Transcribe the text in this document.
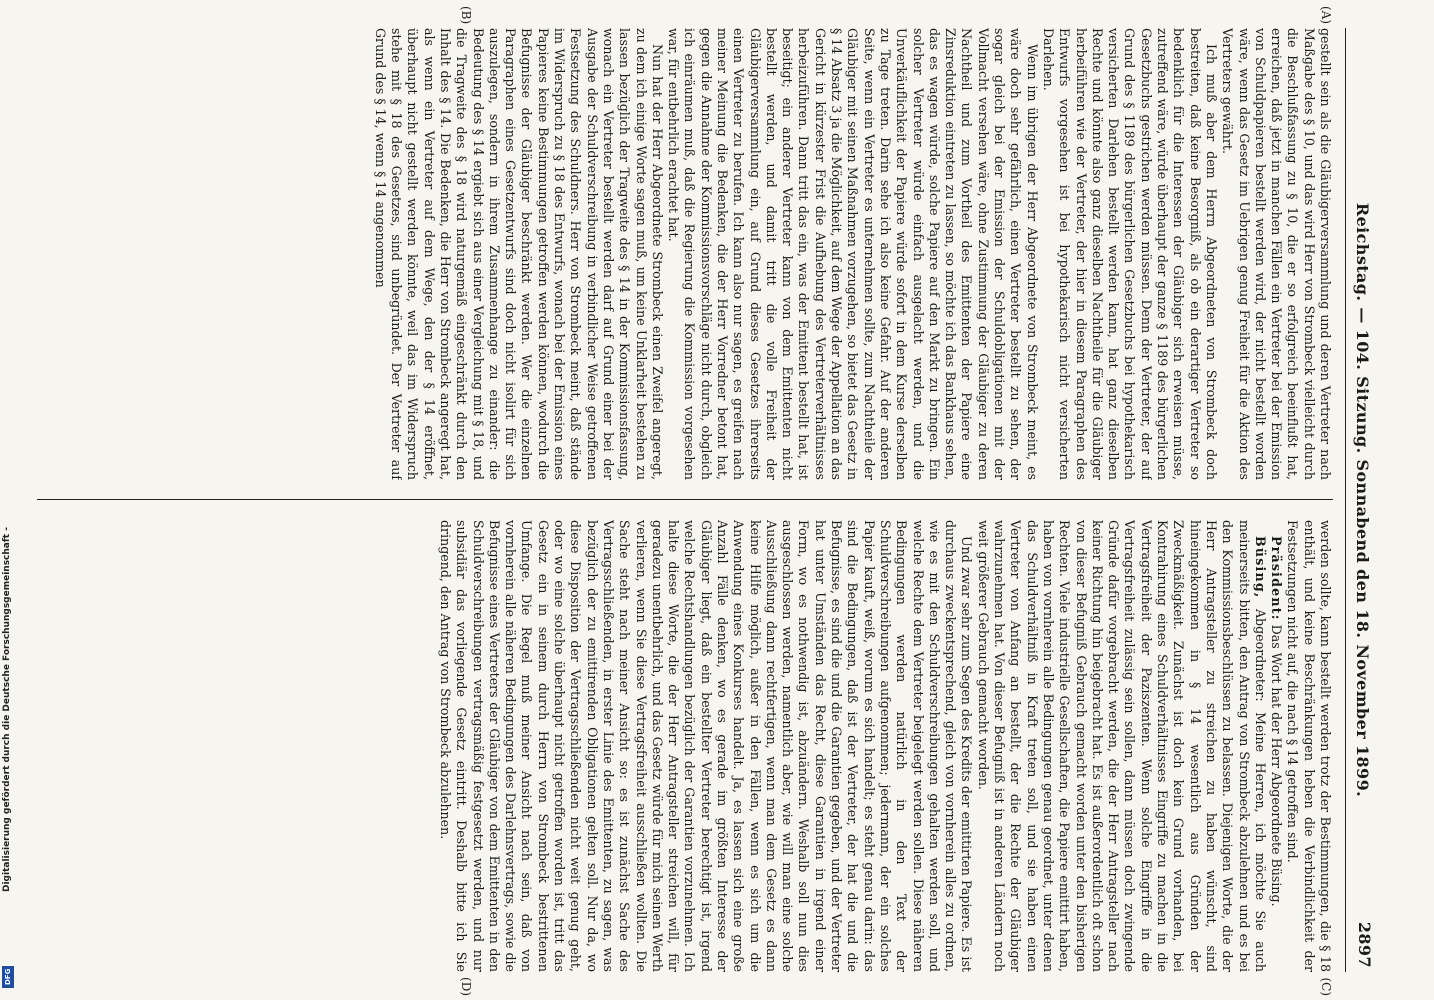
Reichstag. — 104. Sitzung. Sonnabend den 18. November 1899.
2897
(A)
(B)
(C)
(D)

gestellt sein als die Gläubigerversammlung und deren Vertreter nach Maßgabe des § 10, und das wird Herr von Strombeck vielleicht durch die Beschlußfassung zu § 10, die er so erfolgreich beeinflußt hat, erreichen, daß jetzt in manchen Fällen ein Vertreter bei der Emission von Schuldpapieren bestellt werden wird, der nicht bestellt worden wäre, wenn das Gesetz im Uebrigen genug Freiheit für die Aktion des Vertreters gewährt.

Ich muß aber dem Herrn Abgeordneten von Strombeck doch bestreiten, daß keine Besorgniß, als ob ein derartiger Vertreter so bedenklich für die Interessen der Gläubiger sich erweisen müsse, zutreffend wäre, würde überhaupt der ganze § 1189 des bürgerlichen Gesetzbuchs gestrichen werden müssen. Denn der Vertreter, der auf Grund des § 1189 des bürgerlichen Gesetzbuchs bei hypothekarisch versicherten Darlehen bestellt werden kann, hat ganz dieselben Rechte und könnte also ganz dieselben Nachtheile für die Gläubiger herbeiführen wie der Vertreter, der hier in diesem Paragraphen des Entwurfs vorgesehen ist bei hypothekarisch nicht versicherten Darlehen.

Wenn im übrigen der Herr Abgeordnete von Strombeck meint, es wäre doch sehr gefährlich, einen Vertreter bestellt zu sehen, der sogar gleich bei der Emission der Schuldobligationen mit der Vollmacht versehen wäre, ohne Zustimmung der Gläubiger zu deren Nachtheil und zum Vortheil des Emittenten der Papiere eine Zinsreduktion eintreten zu lassen, so möchte ich das Bankhaus sehen, das es wagen würde, solche Papiere auf den Markt zu bringen. Ein solcher Vertreter würde einfach ausgelacht werden, und die Unverkäuflichkeit der Papiere würde sofort in dem Kurse derselben zu Tage treten. Darin sehe ich also keine Gefahr. Auf der anderen Seite, wenn ein Vertreter es unternehmen sollte, zum Nachtheile der Gläubiger mit seinen Maßnahmen vorzugehen, so bietet das Gesetz in § 14 Absatz 3 ja die Möglichkeit, auf dem Wege der Appellation an das Gericht in kürzester Frist die Aufhebung des Vertreterverhältnisses herbeizuführen. Dann tritt das ein, was der Emittent bestellt hat, ist beseitigt; ein anderer Vertreter kann von dem Emittenten nicht bestellt werden, und damit tritt die volle Freiheit der Gläubigerversammlung ein, auf Grund dieses Gesetzes ihrerseits einen Vertreter zu berufen. Ich kann also nur sagen, es greifen nach meiner Meinung die Bedenken, die der Herr Vorredner betont hat, gegen die Annahme der Kommissionsvorschläge nicht durch, obgleich ich einräumen muß, daß die Regierung die Kommission vorgesehen war, für entbehrlich erachtet hat.

Nun hat der Herr Abgeordnete Strombeck einen Zweifel angeregt, zu dem ich einige Worte sagen muß, um keine Unklarheit bestehen zu lassen bezüglich der Tragweite des § 14 in der Kommissionsfassung, wonach ein Vertreter bestellt werden darf auf Grund einer bei der Ausgabe der Schuldverschreibung in verbindlicher Weise getroffenen Festsetzung des Schuldners. Herr von Strombeck meint, daß stände im Widerspruch zu § 18 des Entwurfs, wonach bei der Emission eines Papieres keine Bestimmungen getroffen werden können, wodurch die Befugnisse der Gläubiger beschränkt werden. Wer die einzelnen Paragraphen eines Gesetzentwurfs sind doch nicht isolirt für sich auszulegen, sondern in ihrem Zusammenhange zu einander: die Bedeutung des § 14 ergiebt sich aus einer Vergleichung mit § 18, und die Tragweite des § 18 wird naturgemäß eingeschränkt durch den Inhalt des § 14. Die Bedenken, die Herr von Strombeck angeregt hat, als wenn ein Vertreter auf dem Wege, den der § 14 eröffnet, überhaupt nicht gestellt werden könnte, weil das im Widerspruch stehe mit § 18 des Gesetzes, sind unbegründet. Der Vertreter auf Grund des § 14, wenn § 14 angenommen

werden sollte, kann bestellt werden trotz der Bestimmungen, die § 18 enthält, und keine Beschränkungen heben die Verbindlichkeit der Festsetzungen nicht auf, die nach § 14 getroffen sind.

Präsident: Das Wort hat der Herr Abgeordnete Büsing.

Büsing, Abgeordneter: Meine Herren, ich möchte Sie auch meinerseits bitten, den Antrag von Strombeck abzulehnen und es bei den Kommissionsbeschlüssen zu belassen. Diejenigen Worte, die der Herr Antragsteller zu streichen zu haben wünscht, sind hineingekommen in § 14 wesentlich aus Gründen der Zweckmäßigkeit. Zunächst ist doch kein Grund vorhanden, bei Kontrahirung eines Schuldverhältnisses Eingriffe zu machen in die Vertragsfreiheit der Paziszenten. Wenn solche Eingriffe in die Vertragsfreiheit zulässig sein sollen, dann müssen doch zwingende Gründe dafür vorgebracht werden, die der Herr Antragsteller nach keiner Richtung hin beigebracht hat. Es ist außerordentlich oft schon von dieser Befugniß Gebrauch gemacht worden unter den bisherigen Rechten. Viele industrielle Gesellschaften, die Papiere emittirt haben, haben von vornherein alle Bedingungen genau geordnet, unter denen das Schuldverhältniß in Kraft treten soll, und sie haben einen Vertreter von Anfang an bestellt, der die Rechte der Gläubiger wahrzunehmen hat. Von dieser Befugniß ist in anderen Ländern noch weit größerer Gebrauch gemacht worden.

Und zwar sehr zum Segen des Kredits der emittirten Papiere. Es ist durchaus zweckentsprechend, gleich von vornherein alles zu ordnen, wie es mit den Schuldverschreibungen gehalten werden soll, und welche Rechte dem Vertreter beigelegt werden sollen. Diese näheren Bedingungen werden natürlich in den Text der Schuldverschreibungen aufgenommen; jedermann, der ein solches Papier kauft, weiß, worum es sich handelt; es steht genau darin: das sind die Bedingungen, daß ist der Vertreter, der hat die und die Befugnisse, es sind die und die Garantien gegeben, und der Vertreter hat unter Umständen das Recht, diese Garantien in irgend einer Form, wo es nothwendig ist, abzuändern. Weshalb soll nun dies ausgeschlossen werden, namentlich aber, wie will man eine solche Ausschließung dann rechtfertigen, wenn man dem Gesetz es dann keine Hilfe möglich, außer in den Fällen, wenn es sich um die Anwendung eines Konkurses handelt. Ja, es lassen sich eine große Anzahl Fälle denken, wo es gerade im größten Interesse der Gläubiger liegt, daß ein bestellter Vertreter berechtigt ist, irgend welche Rechtshandlungen bezüglich der Garantien vorzunehmen. Ich halte diese Worte, die der Herr Antragsteller streichen will, für geradezu unentbehrlich, und das Gesetz würde für mich seinen Werth verlieren, wenn Sie diese Vertragsfreiheit ausschließen wollten. Die Sache steht nach meiner Ansicht so: es ist zunächst Sache des Vertragsschließenden, in erster Linie des Emittenten, zu sagen, was bezüglich der zu emittirenden Obligationen gelten soll. Nur da, wo diese Disposition der Vertragsschließenden nicht weit genug geht, oder wo eine solche überhaupt nicht getroffen worden ist, tritt das Gesetz ein in seinem durch Herrn von Strombeck bestrittenen Umfange. Die Regel muß meiner Ansicht nach sein, daß von vornherein alle näheren Bedingungen des Darlehnsvertrags, sowie die Befugnisse eines Vertreters der Gläubiger von dem Emittenten in den Schuldverschreibungen vertragsmäßig festgesetzt werden, und nur subsidiär das vorliegende Gesetz eintritt. Deshalb bitte ich Sie dringend, den Antrag von Strombeck abzulehnen.

Digitalisierung gefördert durch die Deutsche Forschungsgemeinschaft -
DFG
